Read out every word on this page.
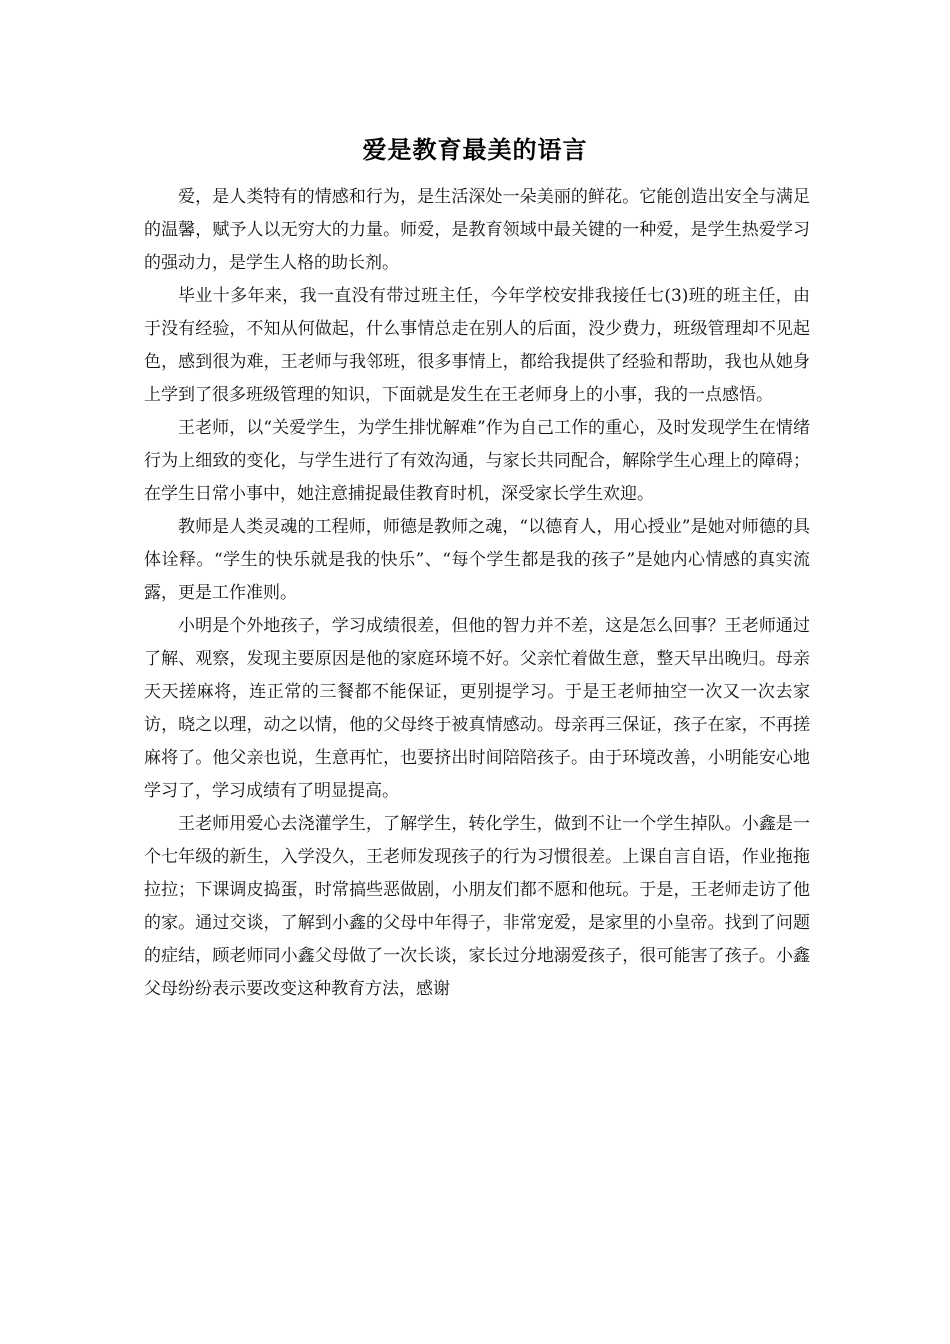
爱是教育最美的语言

爱，是人类特有的情感和行为，是生活深处一朵美丽的鲜花。它能创造出安全与满足的温馨，赋予人以无穷大的力量。师爱，是教育领域中最关键的一种爱，是学生热爱学习的强动力，是学生人格的助长剂。

毕业十多年来，我一直没有带过班主任，今年学校安排我接任七(3)班的班主任，由于没有经验，不知从何做起，什么事情总走在别人的后面，没少费力，班级管理却不见起色，感到很为难，王老师与我邻班，很多事情上，都给我提供了经验和帮助，我也从她身上学到了很多班级管理的知识，下面就是发生在王老师身上的小事，我的一点感悟。

王老师，以“关爱学生，为学生排忧解难”作为自己工作的重心，及时发现学生在情绪行为上细致的变化，与学生进行了有效沟通，与家长共同配合，解除学生心理上的障碍；在学生日常小事中，她注意捕捉最佳教育时机，深受家长学生欢迎。

教师是人类灵魂的工程师，师德是教师之魂，“以德育人，用心授业”是她对师德的具体诠释。“学生的快乐就是我的快乐”、“每个学生都是我的孩子”是她内心情感的真实流露，更是工作准则。

小明是个外地孩子，学习成绩很差，但他的智力并不差，这是怎么回事？王老师通过了解、观察，发现主要原因是他的家庭环境不好。父亲忙着做生意，整天早出晚归。母亲天天搓麻将，连正常的三餐都不能保证，更别提学习。于是王老师抽空一次又一次去家访，晓之以理，动之以情，他的父母终于被真情感动。母亲再三保证，孩子在家，不再搓麻将了。他父亲也说，生意再忙，也要挤出时间陪陪孩子。由于环境改善，小明能安心地学习了，学习成绩有了明显提高。

王老师用爱心去浇灌学生，了解学生，转化学生，做到不让一个学生掉队。小鑫是一个七年级的新生，入学没久，王老师发现孩子的行为习惯很差。上课自言自语，作业拖拖拉拉；下课调皮捣蛋，时常搞些恶做剧，小朋友们都不愿和他玩。于是，王老师走访了他的家。通过交谈，了解到小鑫的父母中年得子，非常宠爱，是家里的小皇帝。找到了问题的症结，顾老师同小鑫父母做了一次长谈，家长过分地溺爱孩子，很可能害了孩子。小鑫父母纷纷表示要改变这种教育方法，感谢
